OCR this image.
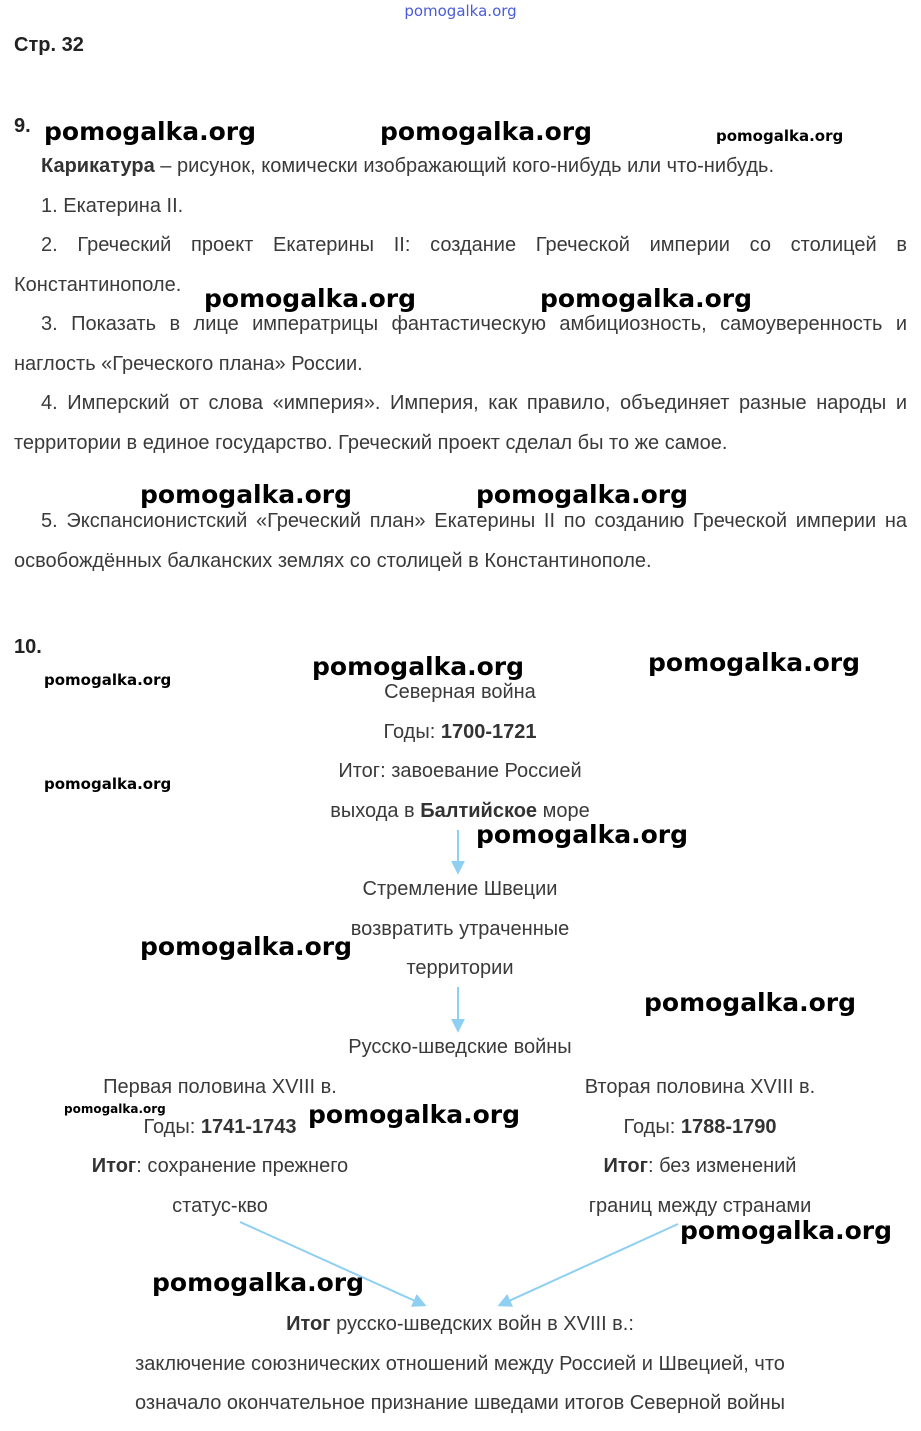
pomogalka.org
Стр. 32
9.
Карикатура – рисунок, комически изображающий кого-нибудь или что-нибудь.
1. Екатерина II.
2. Греческий проект Екатерины II: создание Греческой империи со столицей в Константинополе.
3. Показать в лице императрицы фантастическую амбициозность, самоуверенность и наглость «Греческого плана» России.
4. Имперский от слова «империя». Империя, как правило, объединяет разные народы и территории в единое государство. Греческий проект сделал бы то же самое.
5. Экспансионистский «Греческий план» Екатерины II по созданию Греческой империи на освобождённых балканских землях со столицей в Константинополе.
10.
Северная война
Годы: 1700-1721
Итог: завоевание Россией
выхода в Балтийское море
Стремление Швеции
возвратить утраченные
территории
Русско-шведские войны
Первая половина XVIII в.
Годы: 1741-1743
Итог: сохранение прежнего
статус-кво
Вторая половина XVIII в.
Годы: 1788-1790
Итог: без изменений
границ между странами
Итог русско-шведских войн в XVIII в.:
заключение союзнических отношений между Россией и Швецией, что
означало окончательное признание шведами итогов Северной войны
pomogalka.org	pomogalka.org	pomogalka.org
pomogalka.org	pomogalka.org
pomogalka.org	pomogalka.org
pomogalka.org	pomogalka.org	pomogalka.org
pomogalka.org
pomogalka.org
pomogalka.org
pomogalka.org
pomogalka.org	pomogalka.org
pomogalka.org
pomogalka.org
